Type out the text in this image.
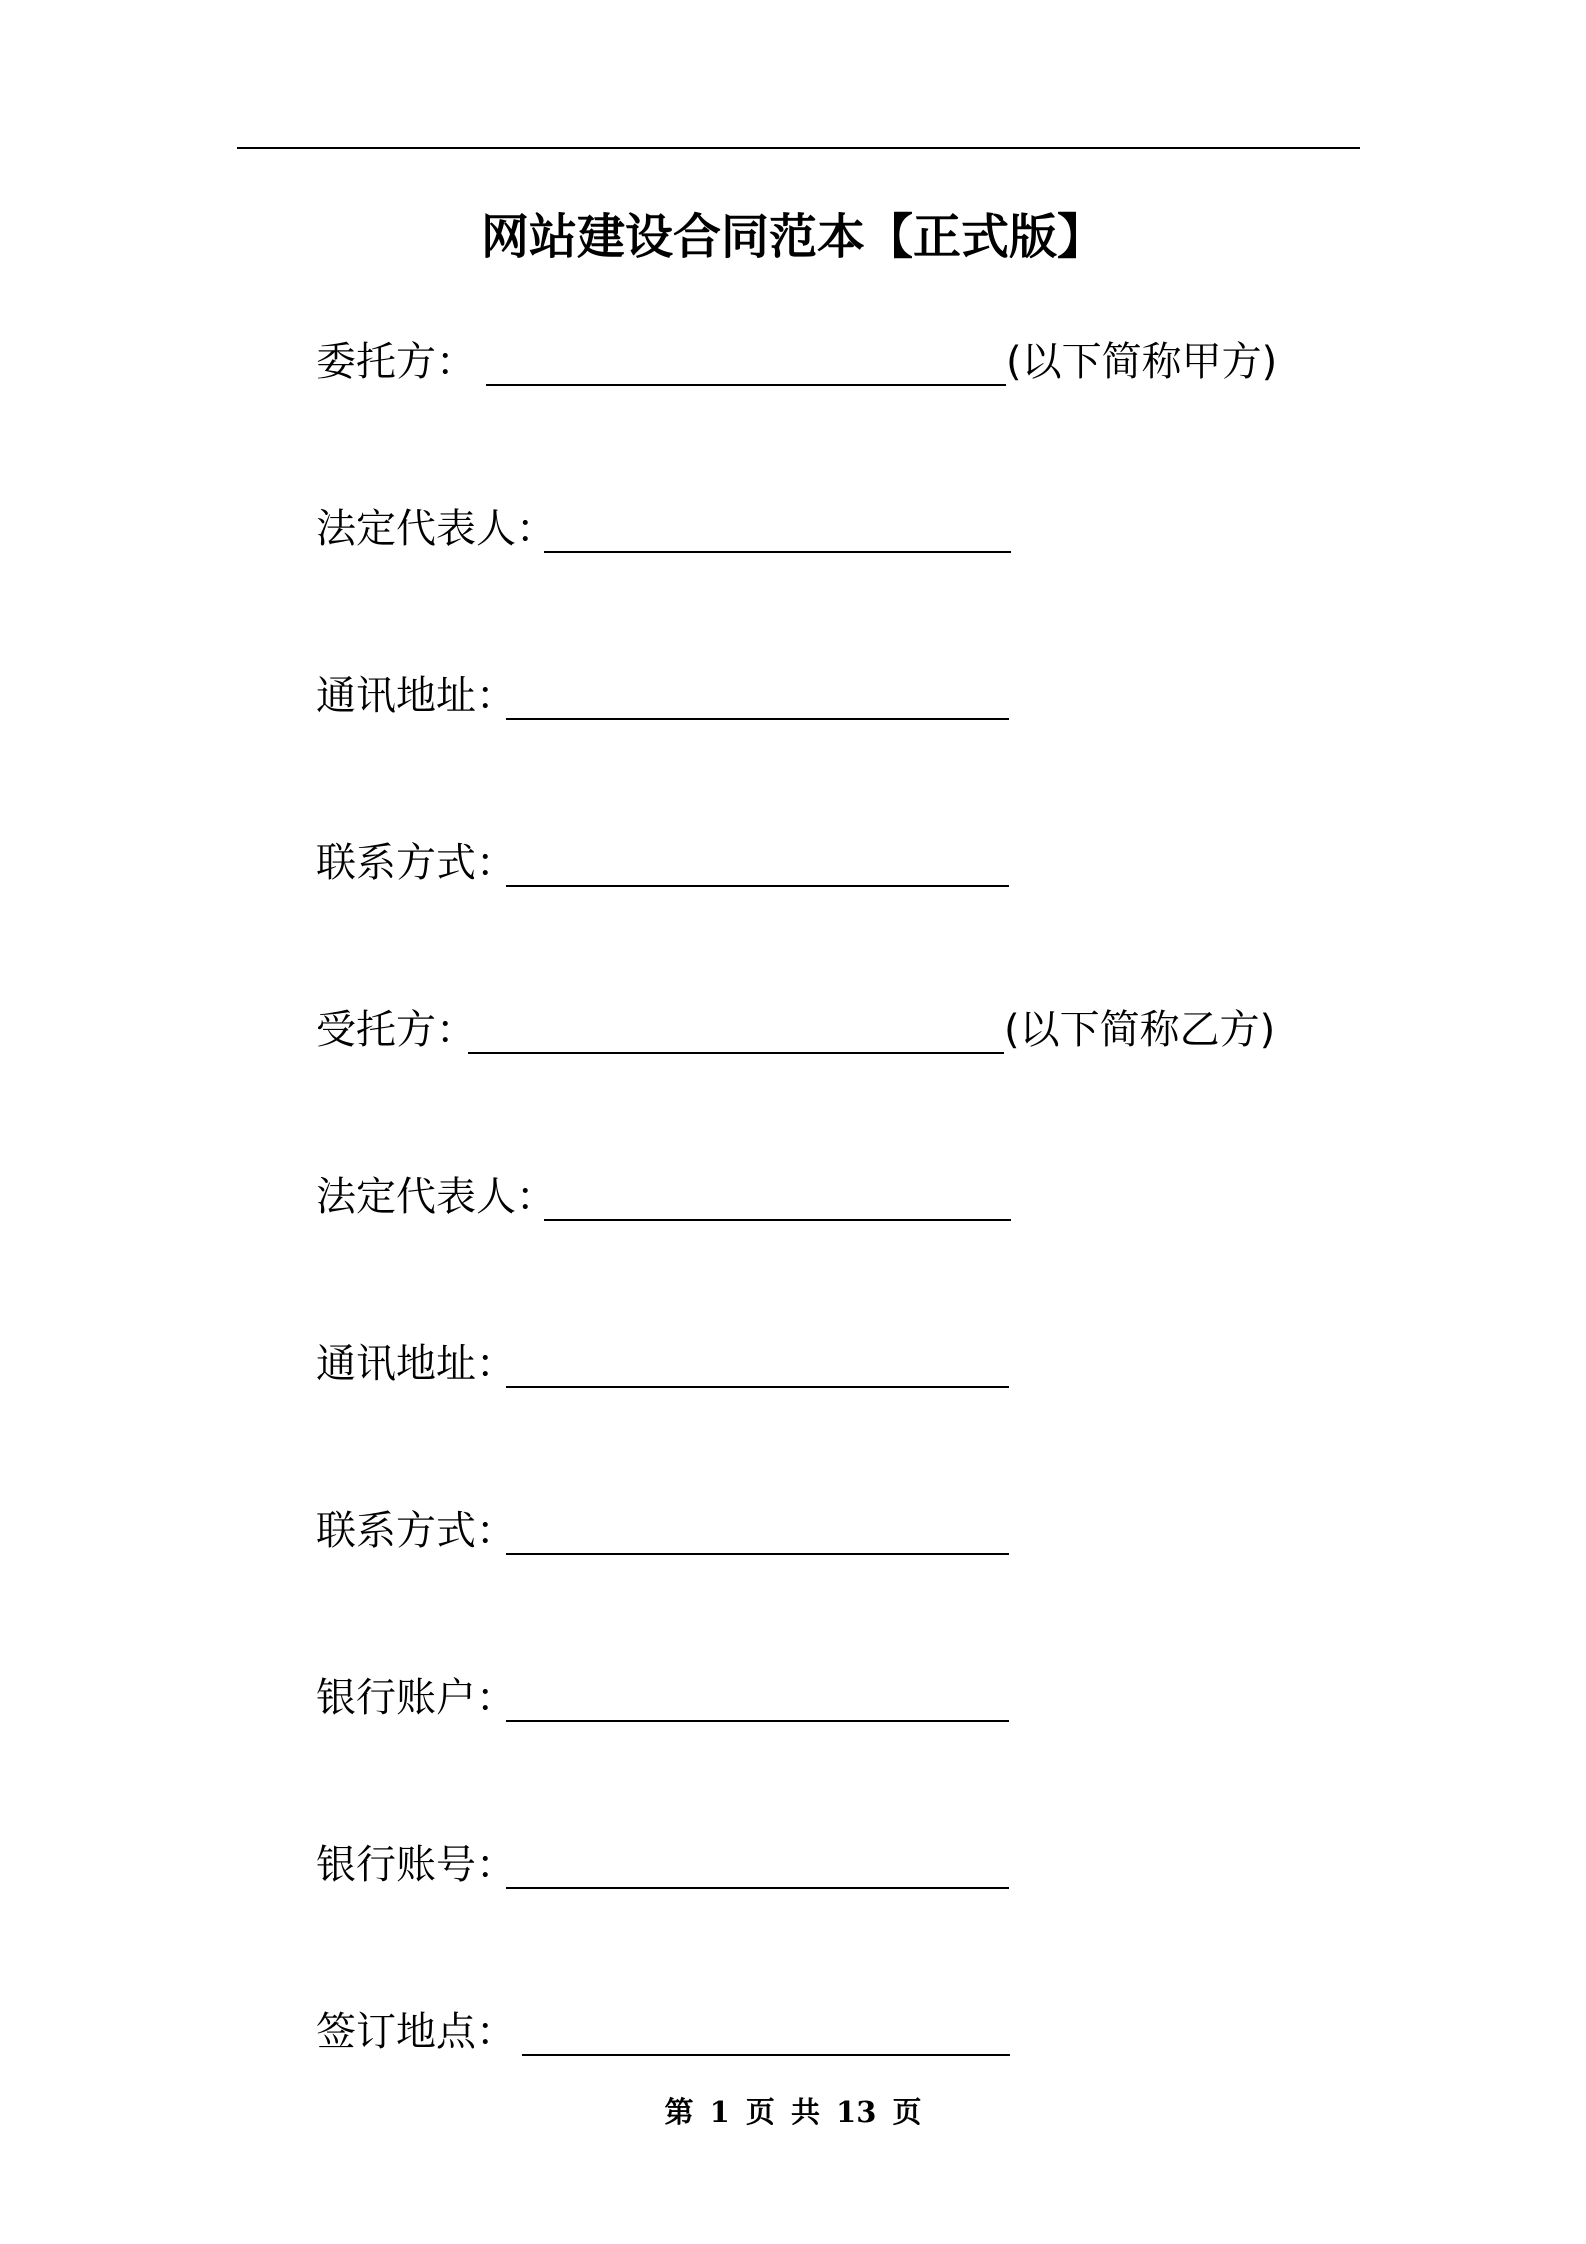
网站建设合同范本【正式版】
委托方：	(以下简称甲方)
法定代表人：
通讯地址：
联系方式：
受托方：	(以下简称乙方)
法定代表人：
通讯地址：
联系方式：
银行账户：
银行账号：
签订地点：
第 1 页 共 13 页
